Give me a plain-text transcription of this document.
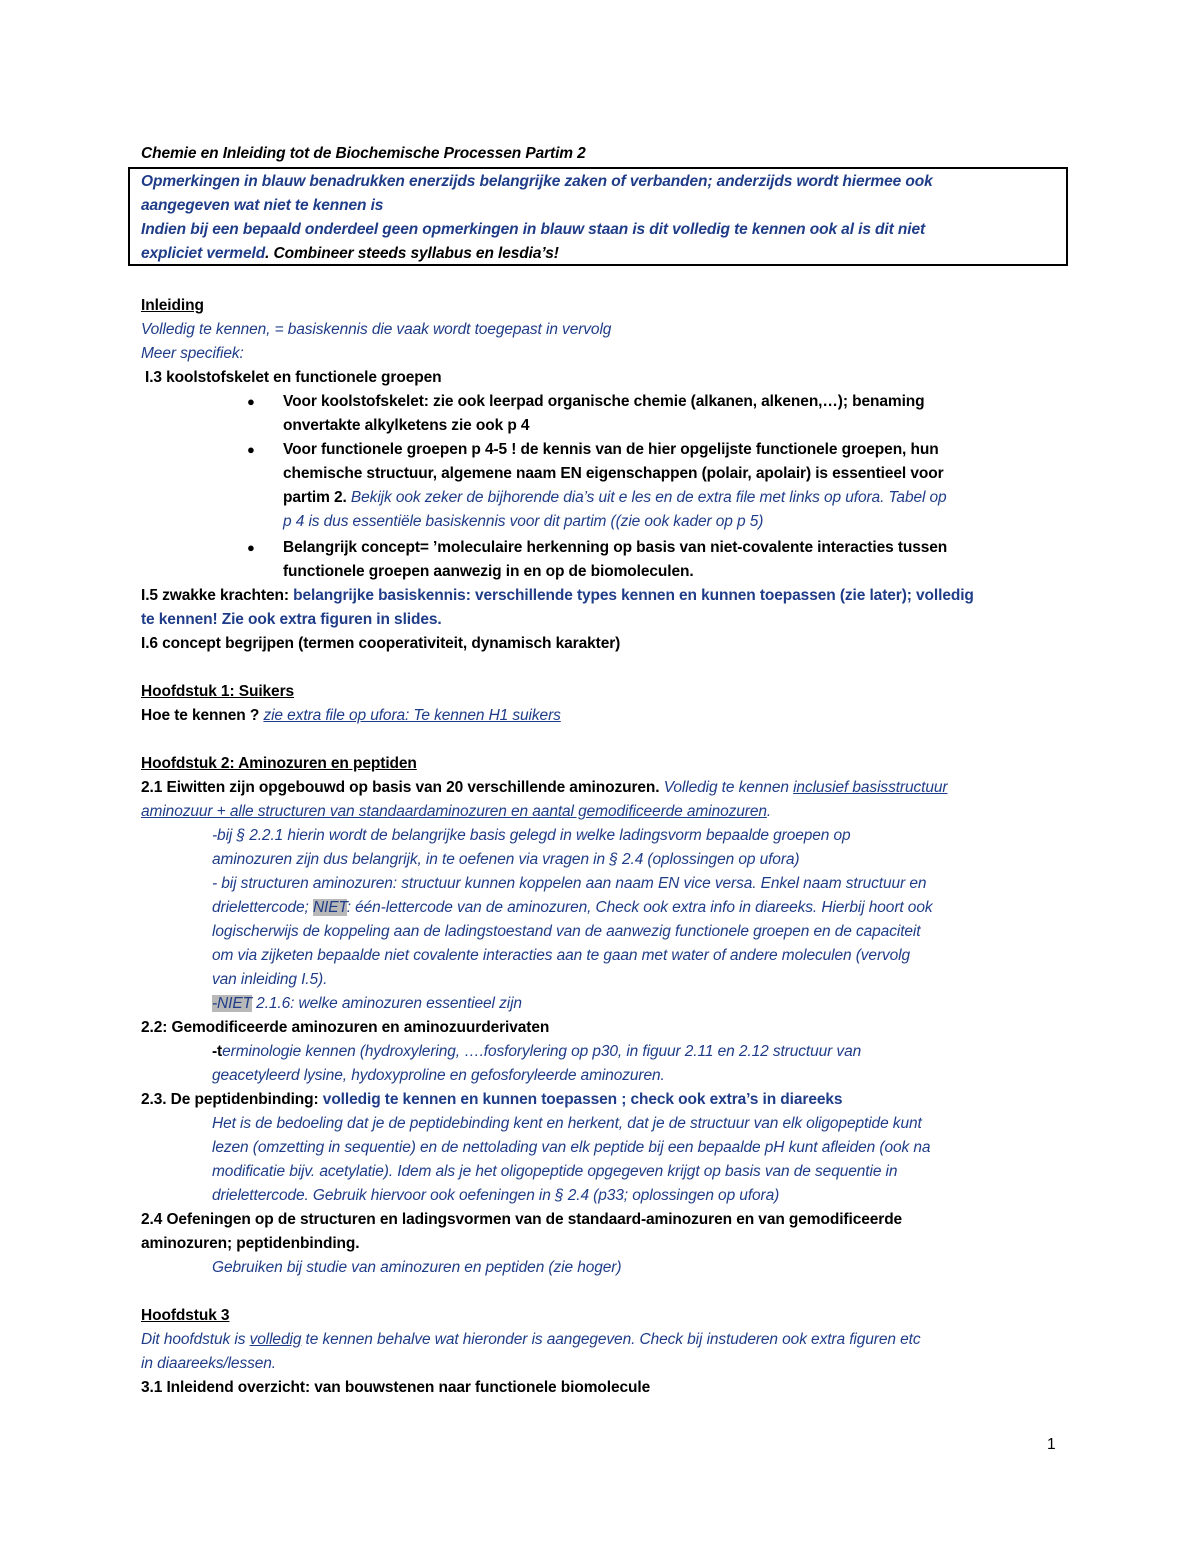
Chemie en Inleiding tot de Biochemische Processen Partim 2
Opmerkingen in blauw benadrukken enerzijds belangrijke zaken of verbanden; anderzijds wordt hiermee ook
aangegeven wat niet te kennen is
Indien bij een bepaald onderdeel geen opmerkingen in blauw staan is dit volledig te kennen ook al is dit niet
expliciet vermeld. Combineer steeds syllabus en lesdia’s!
Inleiding
Volledig te kennen, = basiskennis die vaak wordt toegepast in vervolg
Meer specifiek:
I.3 koolstofskelet en functionele groepen
● Voor koolstofskelet: zie ook leerpad organische chemie (alkanen, alkenen,…); benaming
onvertakte alkylketens zie ook p 4
● Voor functionele groepen p 4-5 ! de kennis van de hier opgelijste functionele groepen, hun
chemische structuur, algemene naam EN eigenschappen (polair, apolair) is essentieel voor
partim 2. Bekijk ook zeker de bijhorende dia’s uit e les en de extra file met links op ufora. Tabel op
p 4 is dus essentiële basiskennis voor dit partim ((zie ook kader op p 5)
● Belangrijk concept= ’moleculaire herkenning op basis van niet-covalente interacties tussen
functionele groepen aanwezig in en op de biomoleculen.
I.5 zwakke krachten: belangrijke basiskennis: verschillende types kennen en kunnen toepassen (zie later); volledig
te kennen! Zie ook extra figuren in slides.
I.6 concept begrijpen (termen cooperativiteit, dynamisch karakter)
Hoofdstuk 1: Suikers
Hoe te kennen ? zie extra file op ufora: Te kennen H1 suikers
Hoofdstuk 2: Aminozuren en peptiden
2.1 Eiwitten zijn opgebouwd op basis van 20 verschillende aminozuren. Volledig te kennen inclusief basisstructuur
aminozuur + alle structuren van standaardaminozuren en aantal gemodificeerde aminozuren.
-bij § 2.2.1 hierin wordt de belangrijke basis gelegd in welke ladingsvorm bepaalde groepen op
aminozuren zijn dus belangrijk, in te oefenen via vragen in § 2.4 (oplossingen op ufora)
- bij structuren aminozuren: structuur kunnen koppelen aan naam EN vice versa. Enkel naam structuur en
drielettercode; NIET: één-lettercode van de aminozuren, Check ook extra info in diareeks. Hierbij hoort ook
logischerwijs de koppeling aan de ladingstoestand van de aanwezig functionele groepen en de capaciteit
om via zijketen bepaalde niet covalente interacties aan te gaan met water of andere moleculen (vervolg
van inleiding I.5).
-NIET 2.1.6: welke aminozuren essentieel zijn
2.2: Gemodificeerde aminozuren en aminozuurderivaten
-terminologie kennen (hydroxylering, ….fosforylering op p30, in figuur 2.11 en 2.12 structuur van
geacetyleerd lysine, hydoxyproline en gefosforyleerde aminozuren.
2.3. De peptidenbinding: volledig te kennen en kunnen toepassen ; check ook extra’s in diareeks
Het is de bedoeling dat je de peptidebinding kent en herkent, dat je de structuur van elk oligopeptide kunt
lezen (omzetting in sequentie) en de nettolading van elk peptide bij een bepaalde pH kunt afleiden (ook na
modificatie bijv. acetylatie). Idem als je het oligopeptide opgegeven krijgt op basis van de sequentie in
drielettercode. Gebruik hiervoor ook oefeningen in § 2.4 (p33; oplossingen op ufora)
2.4 Oefeningen op de structuren en ladingsvormen van de standaard-aminozuren en van gemodificeerde
aminozuren; peptidenbinding.
Gebruiken bij studie van aminozuren en peptiden (zie hoger)
Hoofdstuk 3
Dit hoofdstuk is volledig te kennen behalve wat hieronder is aangegeven. Check bij instuderen ook extra figuren etc
in diaareeks/lessen.
3.1 Inleidend overzicht: van bouwstenen naar functionele biomolecule
1
